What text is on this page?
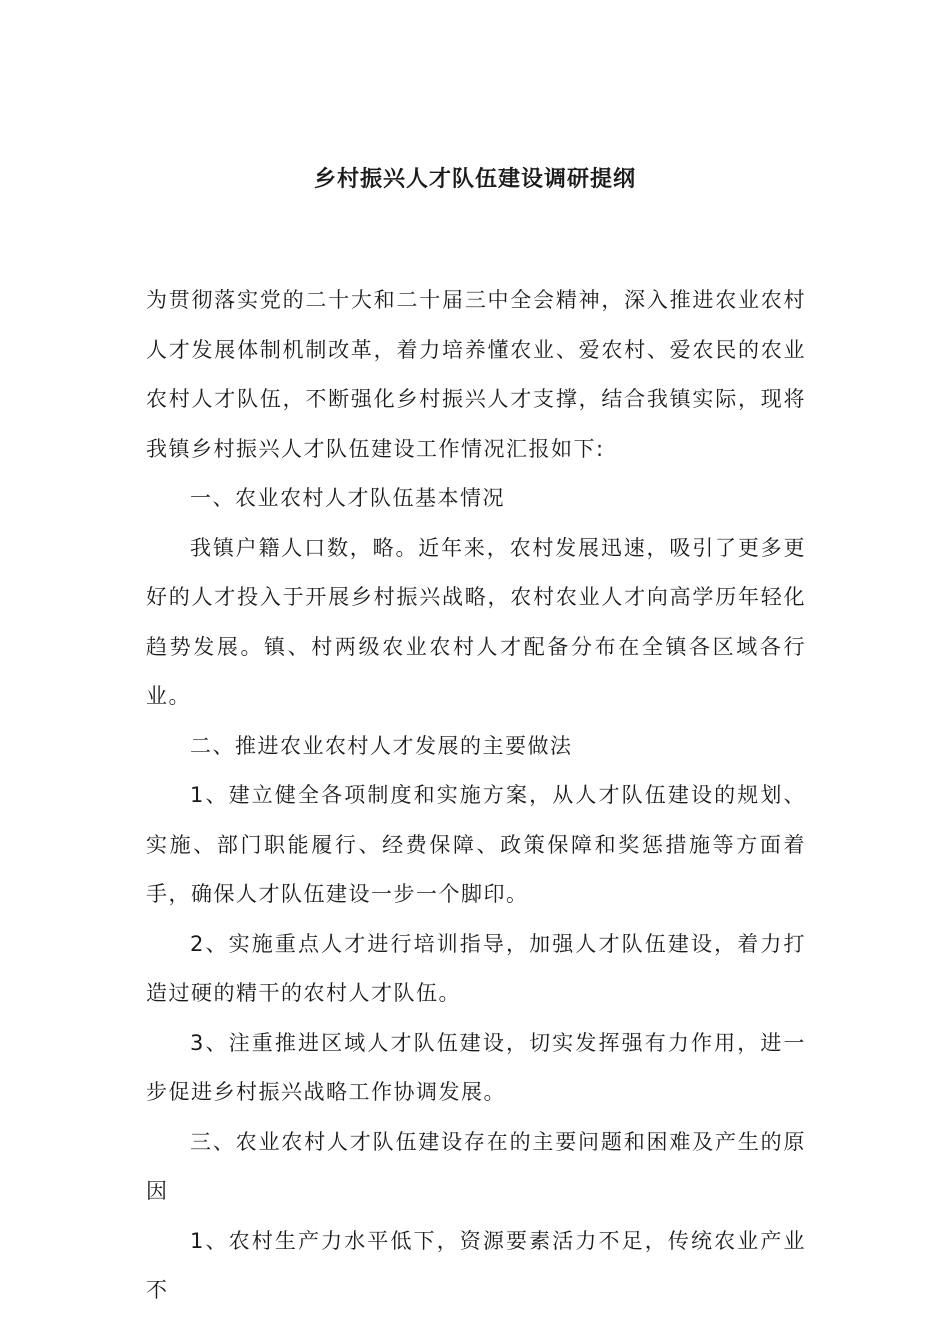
乡村振兴人才队伍建设调研提纲

为贯彻落实党的二十大和二十届三中全会精神，深入推进农业农村人才发展体制机制改革，着力培养懂农业、爱农村、爱农民的农业农村人才队伍，不断强化乡村振兴人才支撑，结合我镇实际，现将我镇乡村振兴人才队伍建设工作情况汇报如下:

一、农业农村人才队伍基本情况

我镇户籍人口数，略。近年来，农村发展迅速，吸引了更多更好的人才投入于开展乡村振兴战略，农村农业人才向高学历年轻化趋势发展。镇、村两级农业农村人才配备分布在全镇各区域各行业。

二、推进农业农村人才发展的主要做法

1、建立健全各项制度和实施方案，从人才队伍建设的规划、实施、部门职能履行、经费保障、政策保障和奖惩措施等方面着手，确保人才队伍建设一步一个脚印。

2、实施重点人才进行培训指导，加强人才队伍建设，着力打造过硬的精干的农村人才队伍。

3、注重推进区域人才队伍建设，切实发挥强有力作用，进一步促进乡村振兴战略工作协调发展。

三、农业农村人才队伍建设存在的主要问题和困难及产生的原因

1、农村生产力水平低下，资源要素活力不足，传统农业产业不
